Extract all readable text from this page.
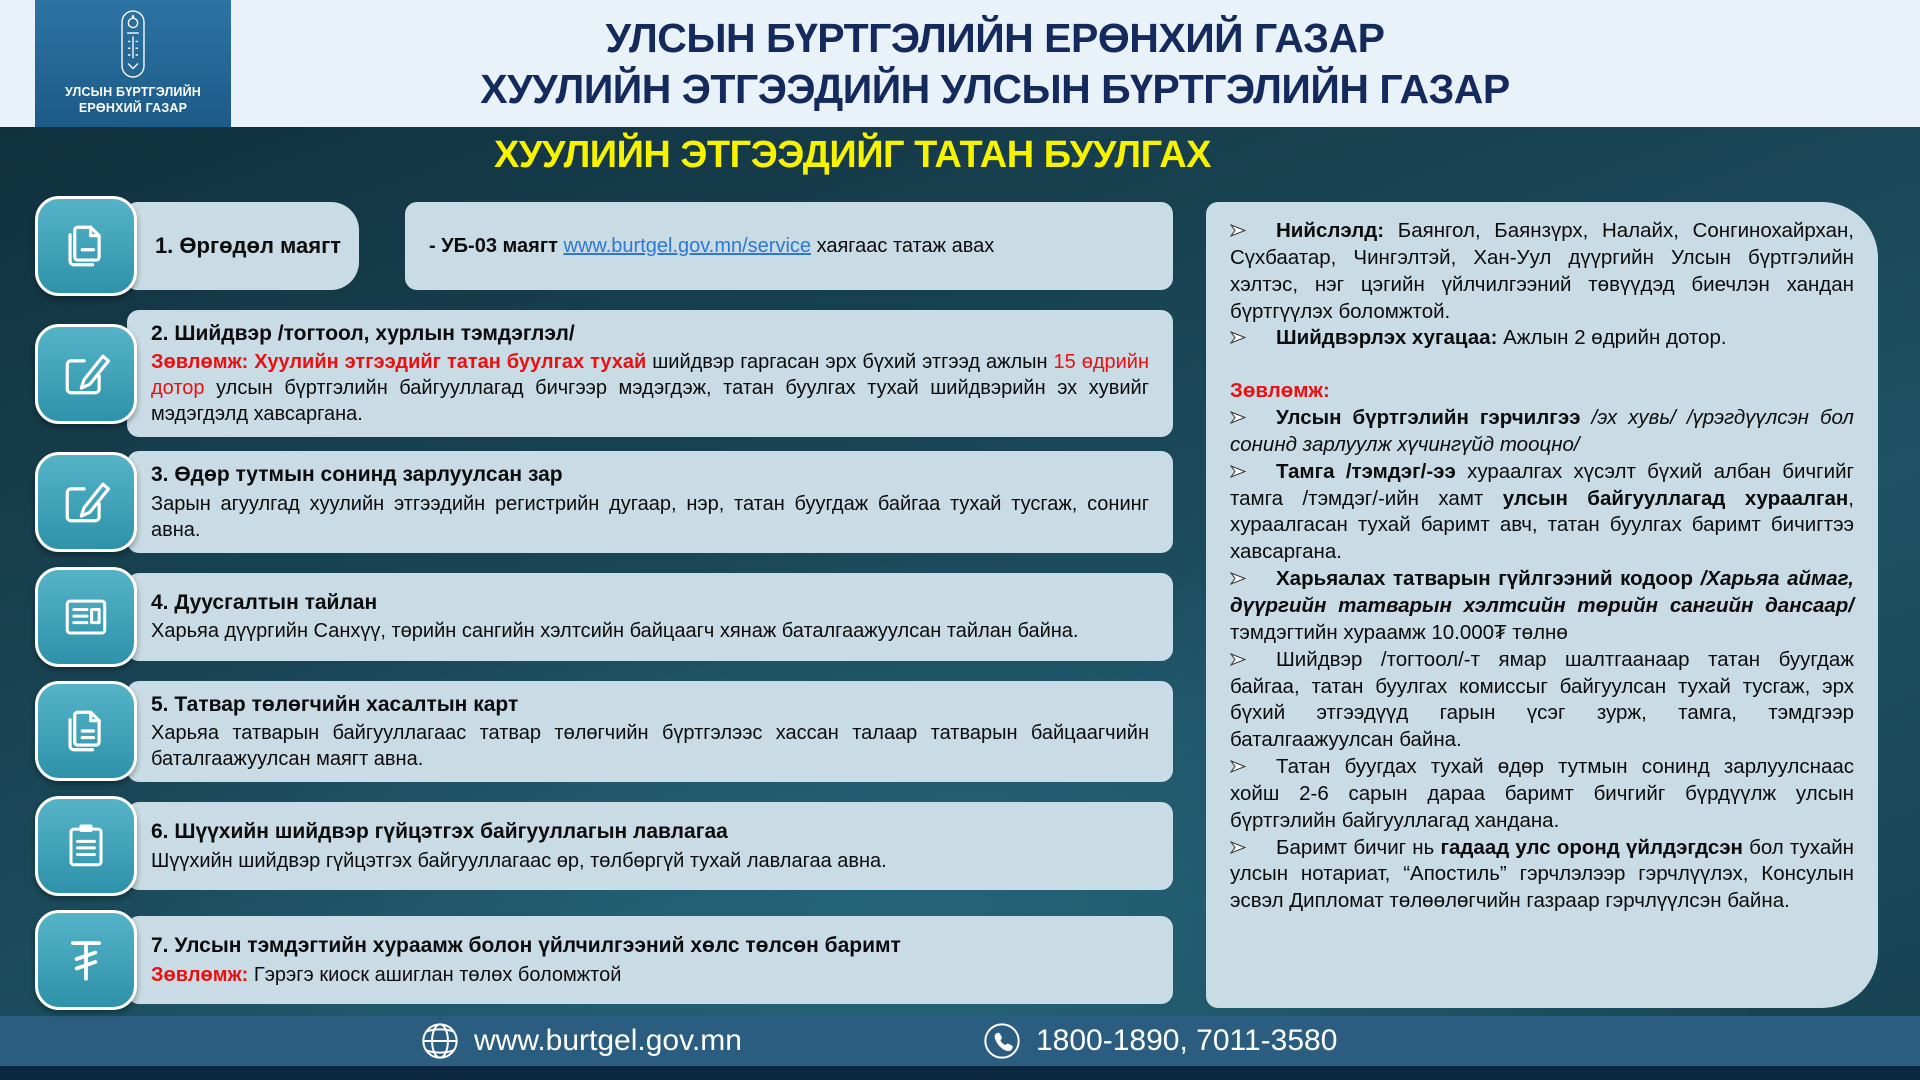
УЛСЫН БҮРТГЭЛИЙН
ЕРӨНХИЙ ГАЗАР
УЛСЫН БҮРТГЭЛИЙН ЕРӨНХИЙ ГАЗАР
ХУУЛИЙН ЭТГЭЭДИЙН УЛСЫН БҮРТГЭЛИЙН ГАЗАР
ХУУЛИЙН ЭТГЭЭДИЙГ ТАТАН БУУЛГАХ
1. Өргөдөл маягт	- УБ-03 маягт www.burtgel.gov.mn/service хаягаас татаж авах
2. Шийдвэр /тогтоол, хурлын тэмдэглэл/
Зөвлөмж: Хуулийн этгээдийг татан буулгах тухай шийдвэр гаргасан эрх бүхий этгээд ажлын 15 өдрийн дотор улсын бүртгэлийн байгууллагад бичгээр мэдэгдэж, татан буулгах тухай шийдвэрийн эх хувийг мэдэгдэлд хавсаргана.
3. Өдөр тутмын сонинд зарлуулсан зар
Зарын агуулгад хуулийн этгээдийн регистрийн дугаар, нэр, татан буугдаж байгаа тухай тусгаж, сонинг авна.
4. Дуусгалтын тайлан
Харьяа дүүргийн Санхүү, төрийн сангийн хэлтсийн байцаагч хянаж баталгаажуулсан тайлан байна.
5. Татвар төлөгчийн хасалтын карт
Харьяа татварын байгууллагаас татвар төлөгчийн бүртгэлээс хассан талаар татварын байцаагчийн баталгаажуулсан маягт авна.
6. Шүүхийн шийдвэр гүйцэтгэх байгууллагын лавлагаа
Шүүхийн шийдвэр гүйцэтгэх байгууллагаас өр, төлбөргүй тухай лавлагаа авна.
7. Улсын тэмдэгтийн хураамж болон үйлчилгээний хөлс төлсөн баримт
Зөвлөмж: Гэрэгэ киоск ашиглан төлөх боломжтой
Нийслэлд: Баянгол, Баянзүрх, Налайх, Сонгинохайрхан, Сүхбаатар, Чингэлтэй, Хан-Уул дүүргийн Улсын бүртгэлийн хэлтэс, нэг цэгийн үйлчилгээний төвүүдэд биечлэн хандан бүртгүүлэх боломжтой.
Шийдвэрлэх хугацаа: Ажлын 2 өдрийн дотор.
Зөвлөмж:
Улсын бүртгэлийн гэрчилгээ /эх хувь/ /үрэгдүүлсэн бол сонинд зарлуулж хүчингүйд тооцно/
Тамга /тэмдэг/-ээ хураалгах хүсэлт бүхий албан бичгийг тамга /тэмдэг/-ийн хамт улсын байгууллагад хураалган, хураалгасан тухай баримт авч, татан буулгах баримт бичигтээ хавсаргана.
Харьяалах татварын гүйлгээний кодоор /Харьяа аймаг, дүүргийн татварын хэлтсийн төрийн сангийн дансаар/ тэмдэгтийн хураамж 10.000₮ төлнө
Шийдвэр /тогтоол/-т ямар шалтгаанаар татан буугдаж байгаа, татан буулгах комиссыг байгуулсан тухай тусгаж, эрх бүхий этгээдүүд гарын үсэг зурж, тамга, тэмдгээр баталгаажуулсан байна.
Татан буугдах тухай өдөр тутмын сонинд зарлуулснаас хойш 2-6 сарын дараа баримт бичгийг бүрдүүлж улсын бүртгэлийн байгууллагад хандана.
Баримт бичиг нь гадаад улс оронд үйлдэгдсэн бол тухайн улсын нотариат, “Апостиль” гэрчлэлээр гэрчлүүлэх, Консулын эсвэл Дипломат төлөөлөгчийн газраар гэрчлүүлсэн байна.
www.burtgel.gov.mn	1800-1890, 7011-3580
